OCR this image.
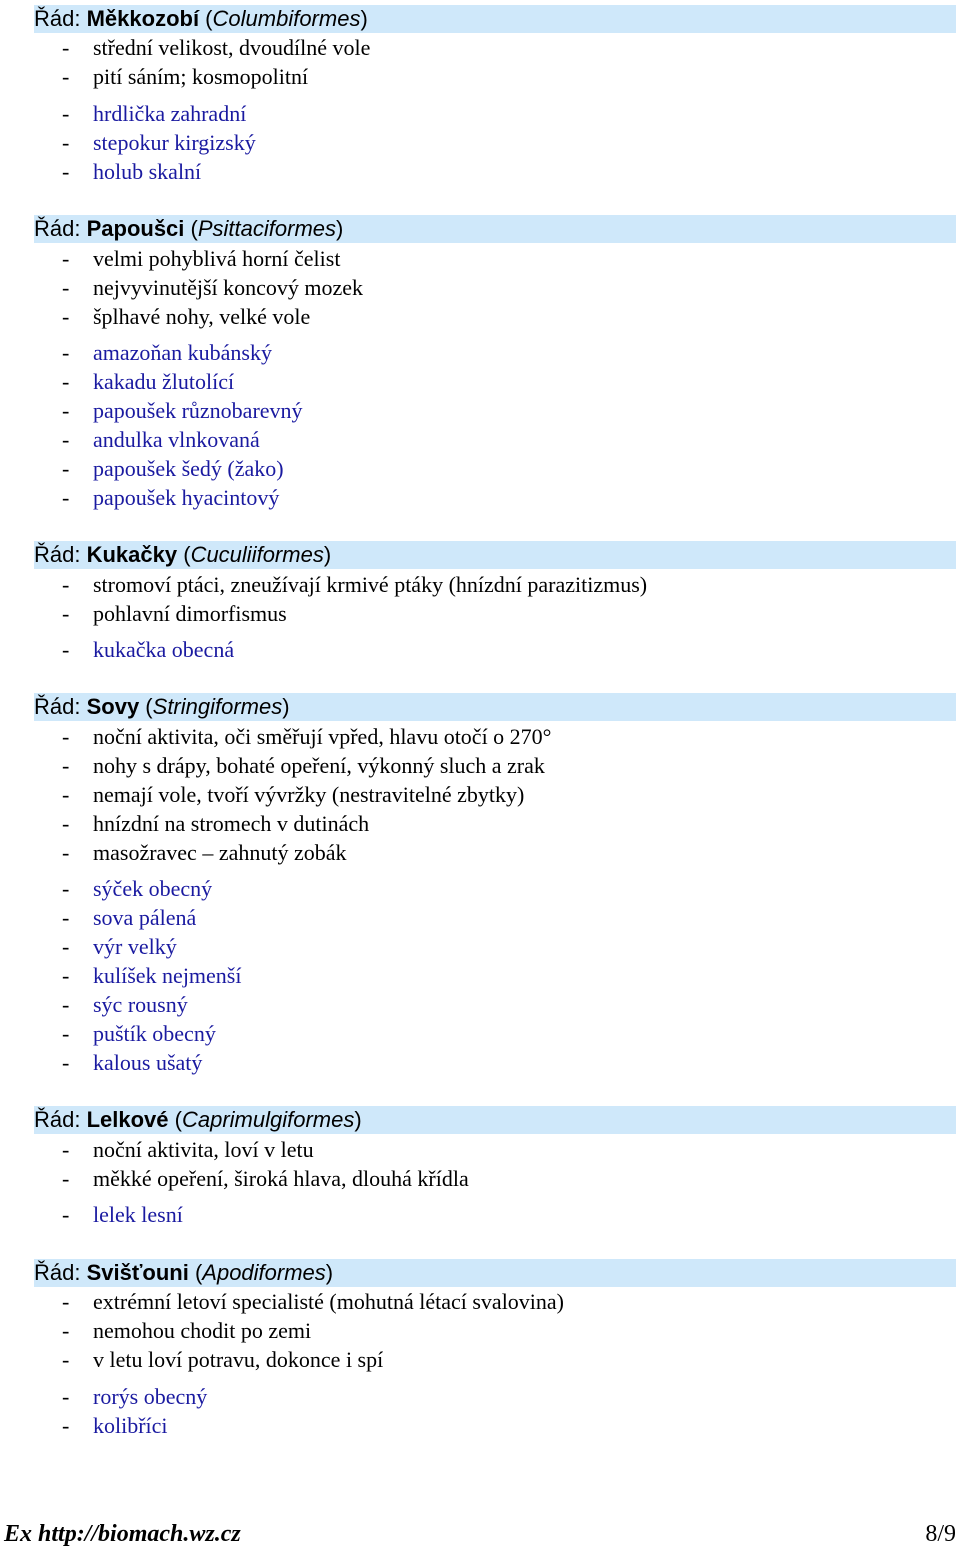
Řád: Měkkozobí (Columbiformes)
- střední velikost, dvoudílné vole
- pití sáním; kosmopolitní
- hrdlička zahradní
- stepokur kirgizský
- holub skalní
Řád: Papoušci (Psittaciformes)
- velmi pohyblivá horní čelist
- nejvyvinutější koncový mozek
- šplhavé nohy, velké vole
- amazoňan kubánský
- kakadu žlutolící
- papoušek různobarevný
- andulka vlnkovaná
- papoušek šedý (žako)
- papoušek hyacintový
Řád: Kukačky (Cuculiiformes)
- stromoví ptáci, zneužívají krmivé ptáky (hnízdní parazitizmus)
- pohlavní dimorfismus
- kukačka obecná
Řád: Sovy (Stringiformes)
- noční aktivita, oči směřují vpřed, hlavu otočí o 270°
- nohy s drápy, bohaté opeření, výkonný sluch a zrak
- nemají vole, tvoří vývržky (nestravitelné zbytky)
- hnízdní na stromech v dutinách
- masožravec – zahnutý zobák
- sýček obecný
- sova pálená
- výr velký
- kulíšek nejmenší
- sýc rousný
- puštík obecný
- kalous ušatý
Řád: Lelkové (Caprimulgiformes)
- noční aktivita, loví v letu
- měkké opeření, široká hlava, dlouhá křídla
- lelek lesní
Řád: Svišťouni (Apodiformes)
- extrémní letoví specialisté (mohutná létací svalovina)
- nemohou chodit po zemi
- v letu loví potravu, dokonce i spí
- rorýs obecný
- kolibříci
Ex http://biomach.wz.cz	8/9
